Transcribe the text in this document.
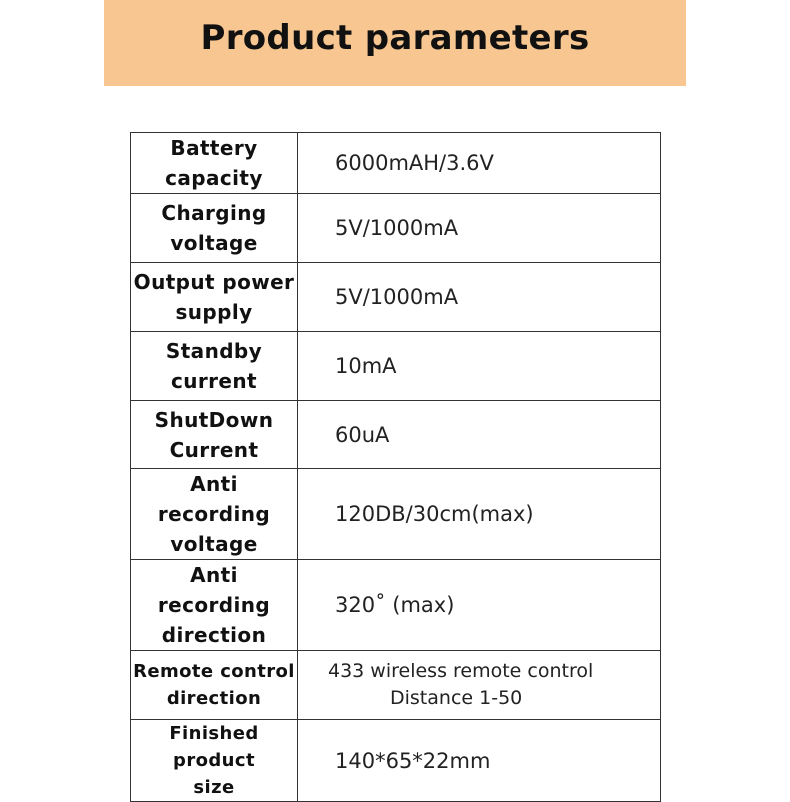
Product parameters
Battery
capacity	6000mAH/3.6V

Charging
voltage	5V/1000mA

Output power
supply	5V/1000mA

Standby
current	10mA

ShutDown
Current	60uA

Anti recording
voltage	120DB/30cm(max)

Anti recording
direction	320˚ (max)

Remote control
direction	433 wireless remote control
Distance 1-50

Finished product
size	140*65*22mm
